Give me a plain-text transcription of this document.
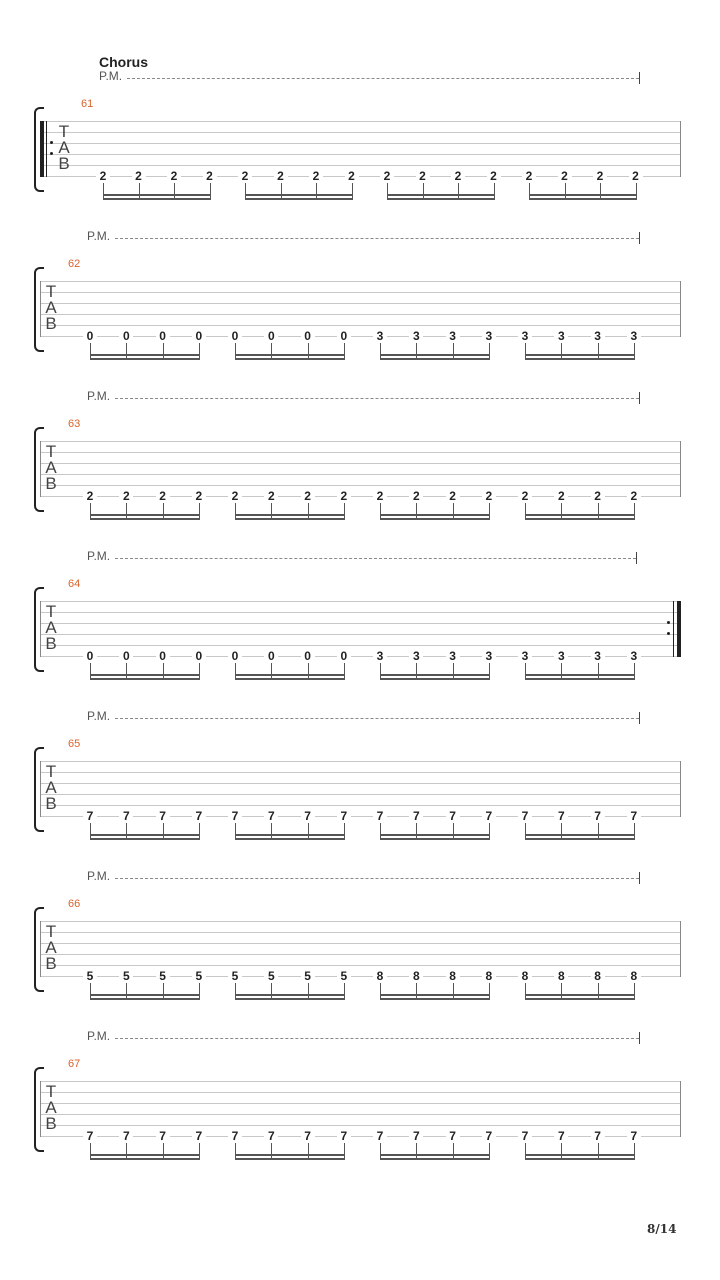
Chorus
P.M.
61
T
A
B
2	2	2	2	2	2	2	2	2	2	2	2	2	2	2	2
P.M.
62
T
A
B
0	0	0	0	0	0	0	0	3	3	3	3	3	3	3	3
P.M.
63
T
A
B
2	2	2	2	2	2	2	2	2	2	2	2	2	2	2	2
P.M.
64
T
A
B
0	0	0	0	0	0	0	0	3	3	3	3	3	3	3	3
P.M.
65
T
A
B
7	7	7	7	7	7	7	7	7	7	7	7	7	7	7	7
P.M.
66
T
A
B
5	5	5	5	5	5	5	5	8	8	8	8	8	8	8	8
P.M.
67
T
A
B
7	7	7	7	7	7	7	7	7	7	7	7	7	7	7	7
8/14
